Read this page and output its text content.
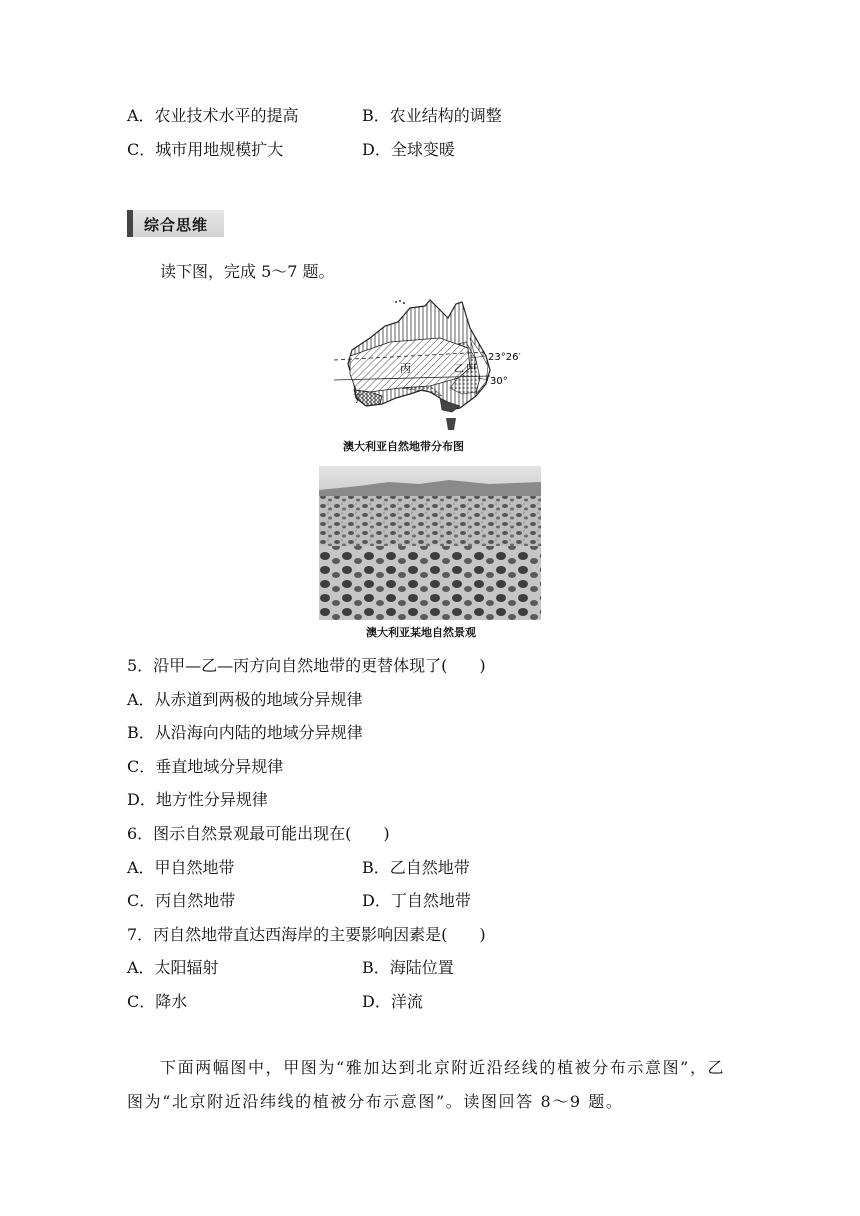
A．农业技术水平的提高	B．农业结构的调整
C．城市用地规模扩大	D．全球变暖
综合思维
读下图，完成 5～7 题。
丙	乙 甲
丁
23°26′
30°
澳大利亚自然地带分布图
澳大利亚某地自然景观
5．沿甲—乙—丙方向自然地带的更替体现了(　　)
A．从赤道到两极的地域分异规律
B．从沿海向内陆的地域分异规律
C．垂直地域分异规律
D．地方性分异规律
6．图示自然景观最可能出现在(　　)
A．甲自然地带	B．乙自然地带
C．丙自然地带	D．丁自然地带
7．丙自然地带直达西海岸的主要影响因素是(　　)
A．太阳辐射	B．海陆位置
C．降水	D．洋流
下面两幅图中，甲图为“雅加达到北京附近沿经线的植被分布示意图”，乙
图为“北京附近沿纬线的植被分布示意图”。读图回答 8～9 题。
